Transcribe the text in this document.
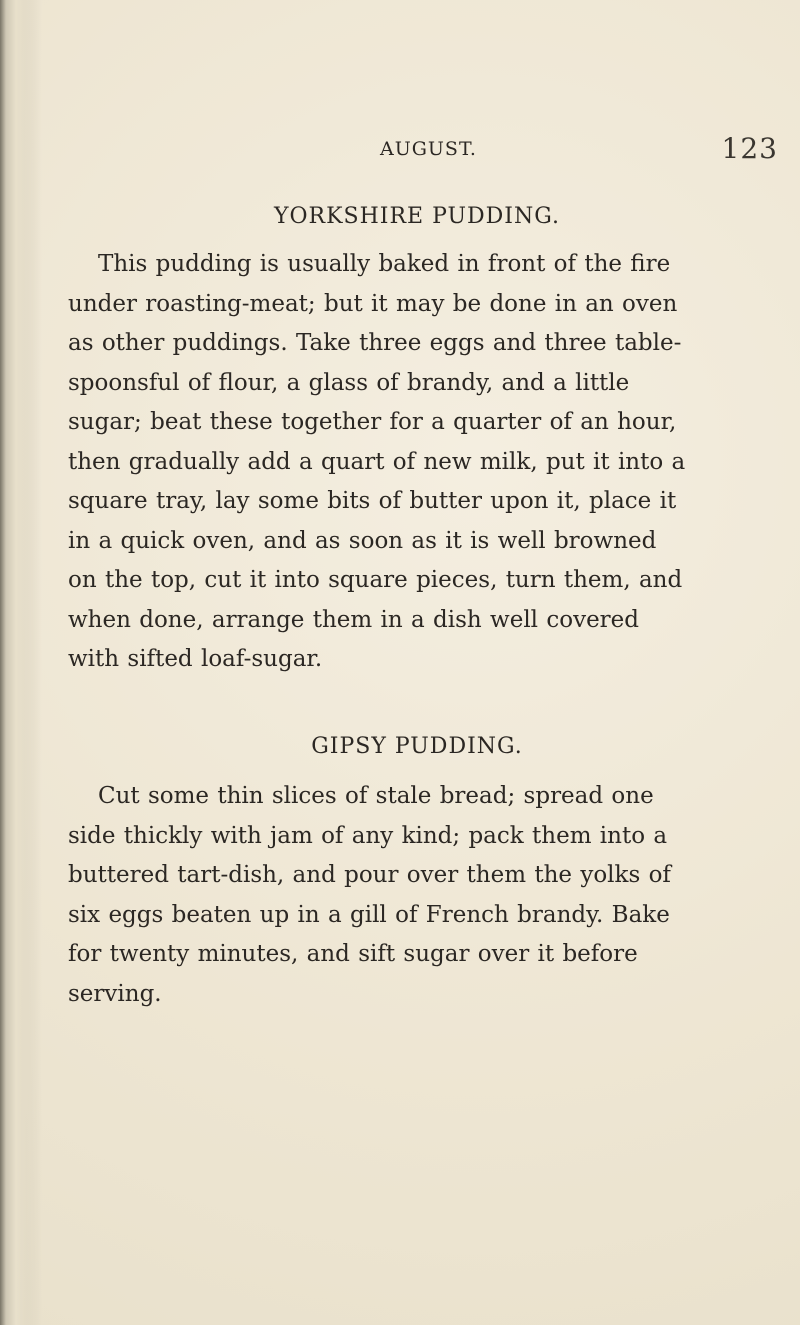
AUGUST.	123
YORKSHIRE PUDDING.

This pudding is usually baked in front of the fire
under roasting-meat; but it may be done in an oven
as other puddings. Take three eggs and three table-
spoonsful of flour, a glass of brandy, and a little
sugar; beat these together for a quarter of an hour,
then gradually add a quart of new milk, put it into a
square tray, lay some bits of butter upon it, place it
in a quick oven, and as soon as it is well browned
on the top, cut it into square pieces, turn them, and
when done, arrange them in a dish well covered
with sifted loaf-sugar.

GIPSY PUDDING.

Cut some thin slices of stale bread; spread one
side thickly with jam of any kind; pack them into a
buttered tart-dish, and pour over them the yolks of
six eggs beaten up in a gill of French brandy. Bake
for twenty minutes, and sift sugar over it before
serving.
